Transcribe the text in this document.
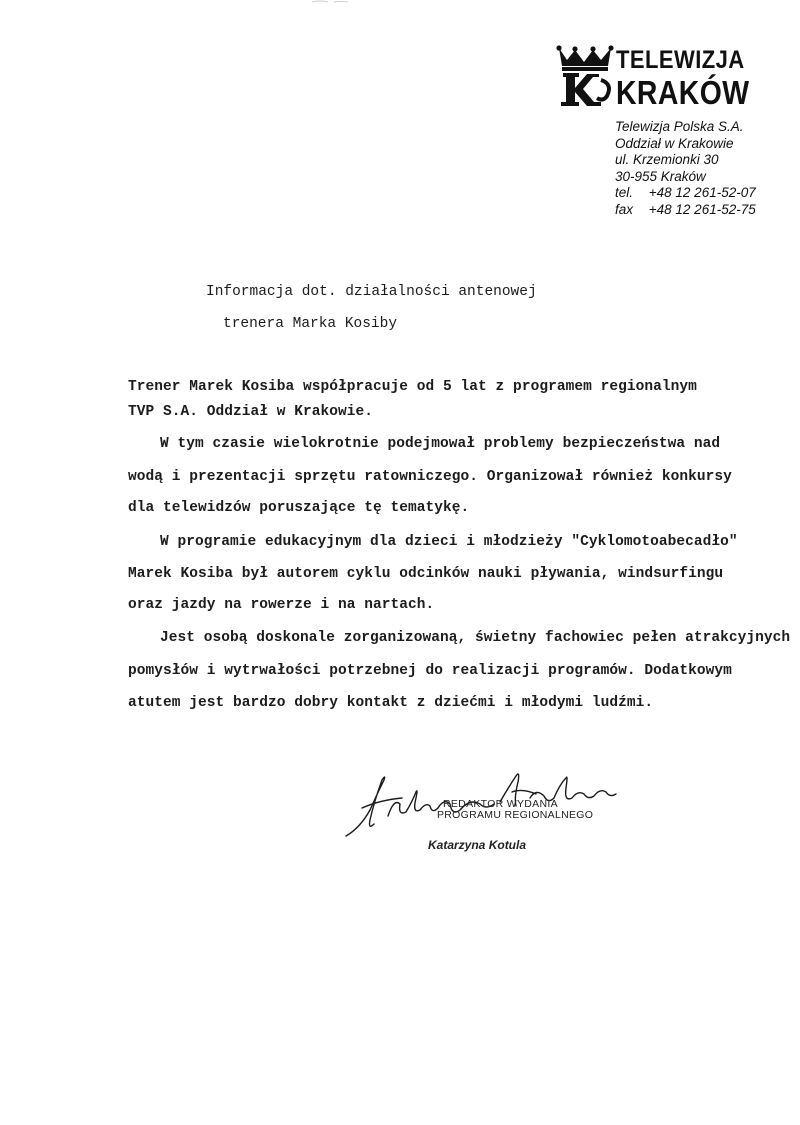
TELEWIZJA
KRAKÓW
Telewizja Polska S.A.
Oddział w Krakowie
ul. Krzemionki 30
30-955 Kraków
tel. +48 12 261-52-07
fax +48 12 261-52-75
Informacja dot. działalności antenowej
trenera Marka Kosiby
Trener Marek Kosiba współpracuje od 5 lat z programem regionalnym
TVP S.A. Oddział w Krakowie.
W tym czasie wielokrotnie podejmował problemy bezpieczeństwa nad
wodą i prezentacji sprzętu ratowniczego. Organizował również konkursy
dla telewidzów poruszające tę tematykę.
W programie edukacyjnym dla dzieci i młodzieży "Cyklomotoabecadło"
Marek Kosiba był autorem cyklu odcinków nauki pływania, windsurfingu
oraz jazdy na rowerze i na nartach.
Jest osobą doskonale zorganizowaną, świetny fachowiec pełen atrakcyjnych
pomysłów i wytrwałości potrzebnej do realizacji programów. Dodatkowym
atutem jest bardzo dobry kontakt z dziećmi i młodymi ludźmi.
REDAKTOR WYDANIA
PROGRAMU REGIONALNEGO
Katarzyna Kotula
